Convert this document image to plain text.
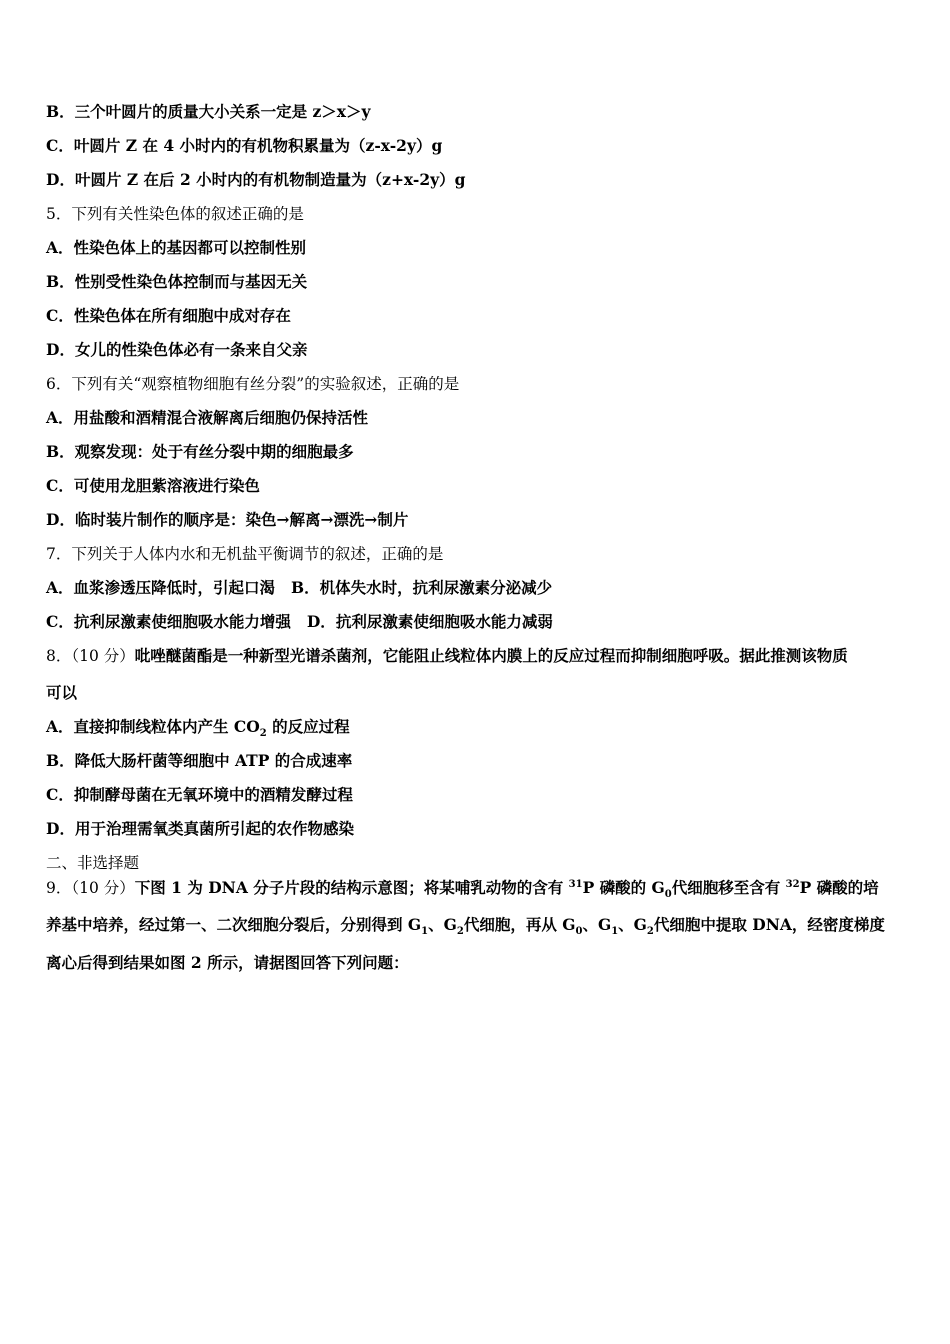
B．三个叶圆片的质量大小关系一定是 z＞x＞y
C．叶圆片 Z 在 4 小时内的有机物积累量为（z-x-2y）g
D．叶圆片 Z 在后 2 小时内的有机物制造量为（z+x-2y）g
5．下列有关性染色体的叙述正确的是
A．性染色体上的基因都可以控制性别
B．性别受性染色体控制而与基因无关
C．性染色体在所有细胞中成对存在
D．女儿的性染色体必有一条来自父亲
6．下列有关“观察植物细胞有丝分裂”的实验叙述，正确的是
A．用盐酸和酒精混合液解离后细胞仍保持活性
B．观察发现：处于有丝分裂中期的细胞最多
C．可使用龙胆紫溶液进行染色
D．临时装片制作的顺序是：染色→解离→漂洗→制片
7．下列关于人体内水和无机盐平衡调节的叙述，正确的是
A．血浆渗透压降低时，引起口渴 B．机体失水时，抗利尿激素分泌减少
C．抗利尿激素使细胞吸水能力增强 D．抗利尿激素使细胞吸水能力减弱
8．（10 分）吡唑醚菌酯是一种新型光谱杀菌剂，它能阻止线粒体内膜上的反应过程而抑制细胞呼吸。据此推测该物质
可以
A．直接抑制线粒体内产生 $CO_2$ 的反应过程
B．降低大肠杆菌等细胞中 ATP 的合成速率
C．抑制酵母菌在无氧环境中的酒精发酵过程
D．用于治理需氧类真菌所引起的农作物感染
二、非选择题
9．（10 分）下图 1 为 DNA 分子片段的结构示意图；将某哺乳动物的含有 $^{31}$P 磷酸的 $G_0$代细胞移至含有 $^{32}$P 磷酸的培
养基中培养，经过第一、二次细胞分裂后，分别得到 $G_1$、$G_2$代细胞，再从 $G_0$、$G_1$、$G_2$代细胞中提取 DNA，经密度梯度
离心后得到结果如图 2 所示，请据图回答下列问题：
